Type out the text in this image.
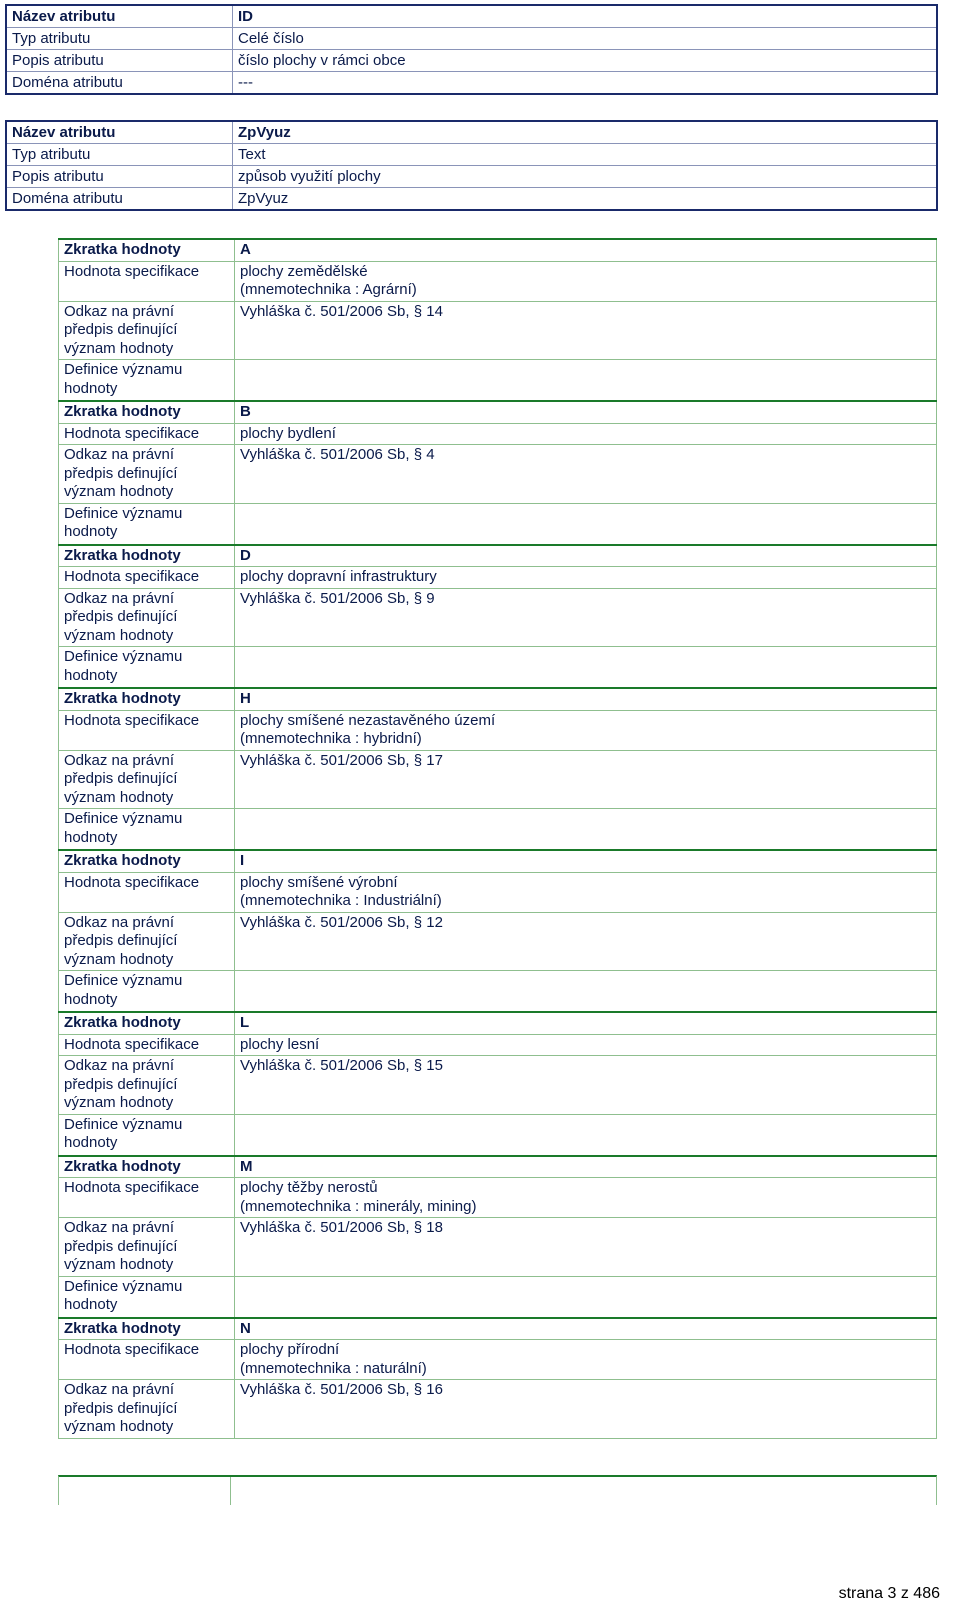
Název atributu	ID
Typ atributu	Celé číslo
Popis atributu	číslo plochy v rámci obce
Doména atributu	---
Název atributu	ZpVyuz
Typ atributu	Text
Popis atributu	způsob využití plochy
Doména atributu	ZpVyuz
Zkratka hodnoty	A
Hodnota specifikace	plochy zemědělské
(mnemotechnika : Agrární)
Odkaz na právní
předpis definující
význam hodnoty	Vyhláška č. 501/2006 Sb, § 14
Definice významu
hodnoty	
Zkratka hodnoty	B
Hodnota specifikace	plochy bydlení
Odkaz na právní
předpis definující
význam hodnoty	Vyhláška č. 501/2006 Sb, § 4
Definice významu
hodnoty	
Zkratka hodnoty	D
Hodnota specifikace	plochy dopravní infrastruktury
Odkaz na právní
předpis definující
význam hodnoty	Vyhláška č. 501/2006 Sb, § 9
Definice významu
hodnoty	
Zkratka hodnoty	H
Hodnota specifikace	plochy smíšené nezastavěného území
(mnemotechnika : hybridní)
Odkaz na právní
předpis definující
význam hodnoty	Vyhláška č. 501/2006 Sb, § 17
Definice významu
hodnoty	
Zkratka hodnoty	I
Hodnota specifikace	plochy smíšené výrobní
(mnemotechnika : Industriální)
Odkaz na právní
předpis definující
význam hodnoty	Vyhláška č. 501/2006 Sb, § 12
Definice významu
hodnoty	
Zkratka hodnoty	L
Hodnota specifikace	plochy lesní
Odkaz na právní
předpis definující
význam hodnoty	Vyhláška č. 501/2006 Sb, § 15
Definice významu
hodnoty	
Zkratka hodnoty	M
Hodnota specifikace	plochy těžby nerostů
(mnemotechnika : minerály, mining)
Odkaz na právní
předpis definující
význam hodnoty	Vyhláška č. 501/2006 Sb, § 18
Definice významu
hodnoty	
Zkratka hodnoty	N
Hodnota specifikace	plochy přírodní
(mnemotechnika : naturální)
Odkaz na právní
předpis definující
význam hodnoty	Vyhláška č. 501/2006 Sb, § 16
strana 3 z 486
